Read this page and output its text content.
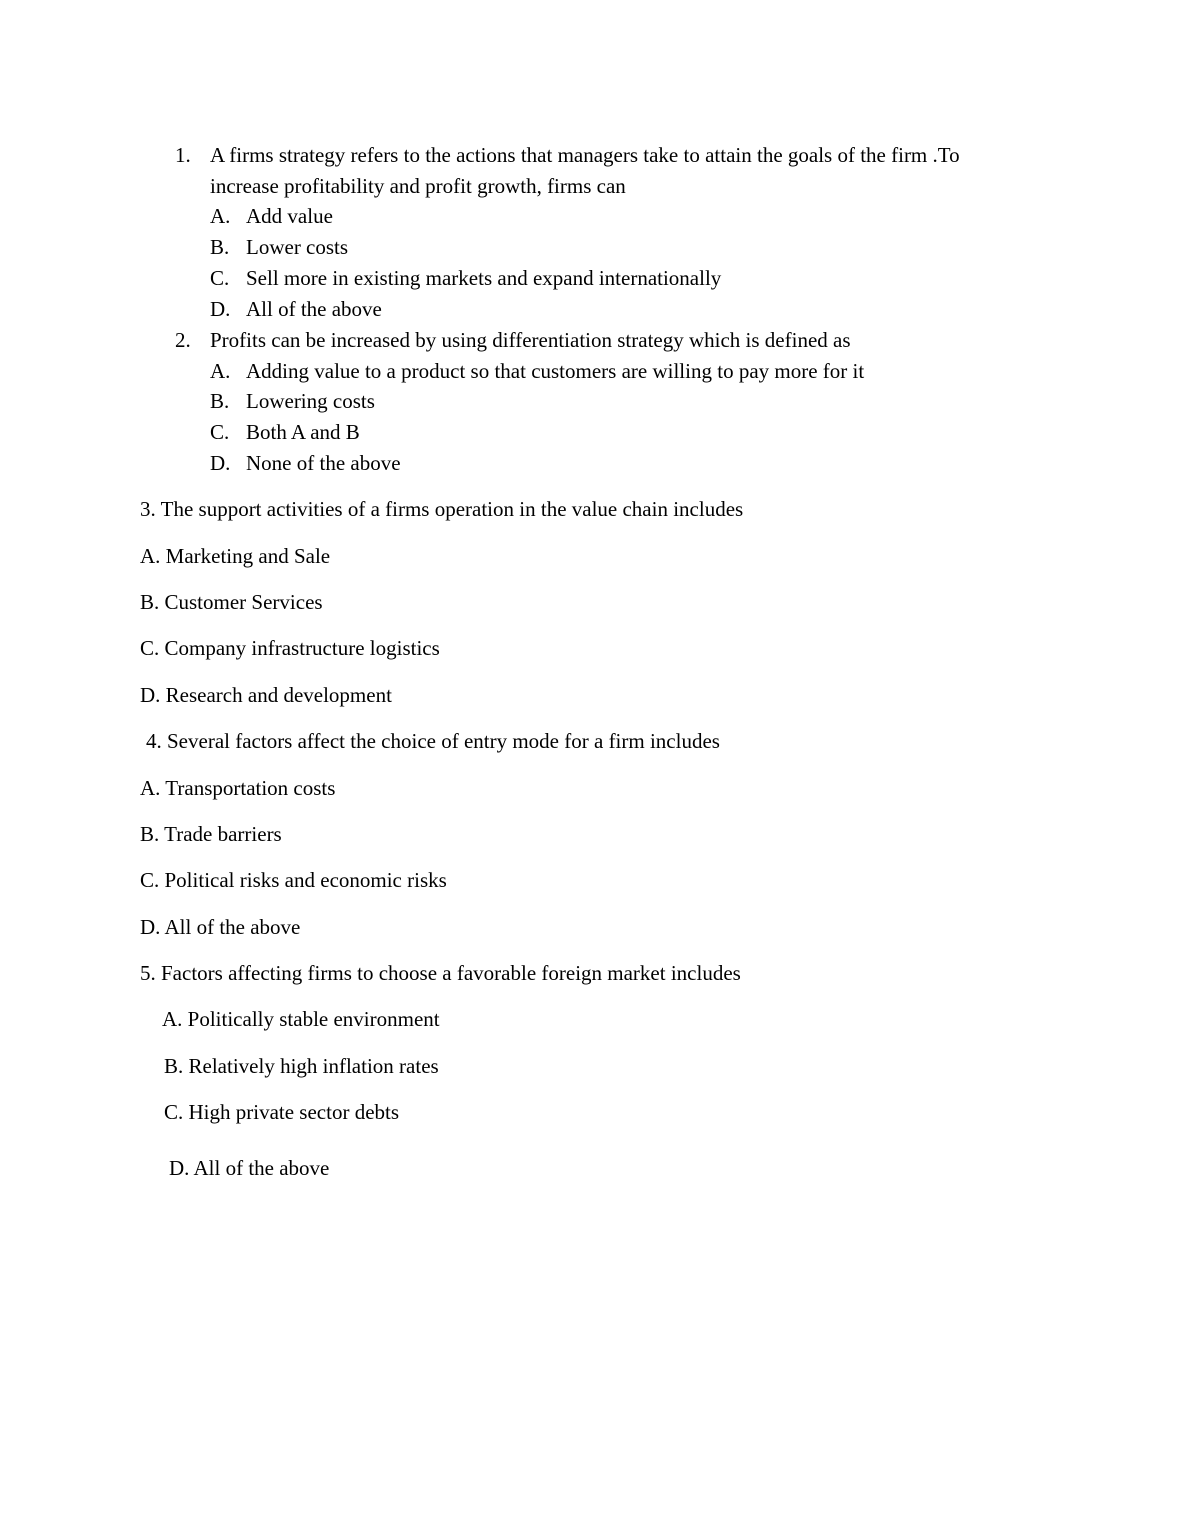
1. A firms strategy refers to the actions that managers take to attain the goals of the firm .To
increase profitability and profit growth, firms can
A. Add value
B. Lower costs
C. Sell more in existing markets and expand internationally
D. All of the above
2. Profits can be increased by using differentiation strategy which is defined as
A. Adding value to a product so that customers are willing to pay more for it
B. Lowering costs
C. Both A and B
D. None of the above
3. The support activities of a firms operation in the value chain includes
A. Marketing and Sale
B. Customer Services
C. Company infrastructure logistics
D. Research and development
4. Several factors affect the choice of entry mode for a firm includes
A. Transportation costs
B. Trade barriers
C. Political risks and economic risks
D. All of the above
5. Factors affecting firms to choose a favorable foreign market includes
A. Politically stable environment
B. Relatively high inflation rates
C. High private sector debts
D. All of the above
